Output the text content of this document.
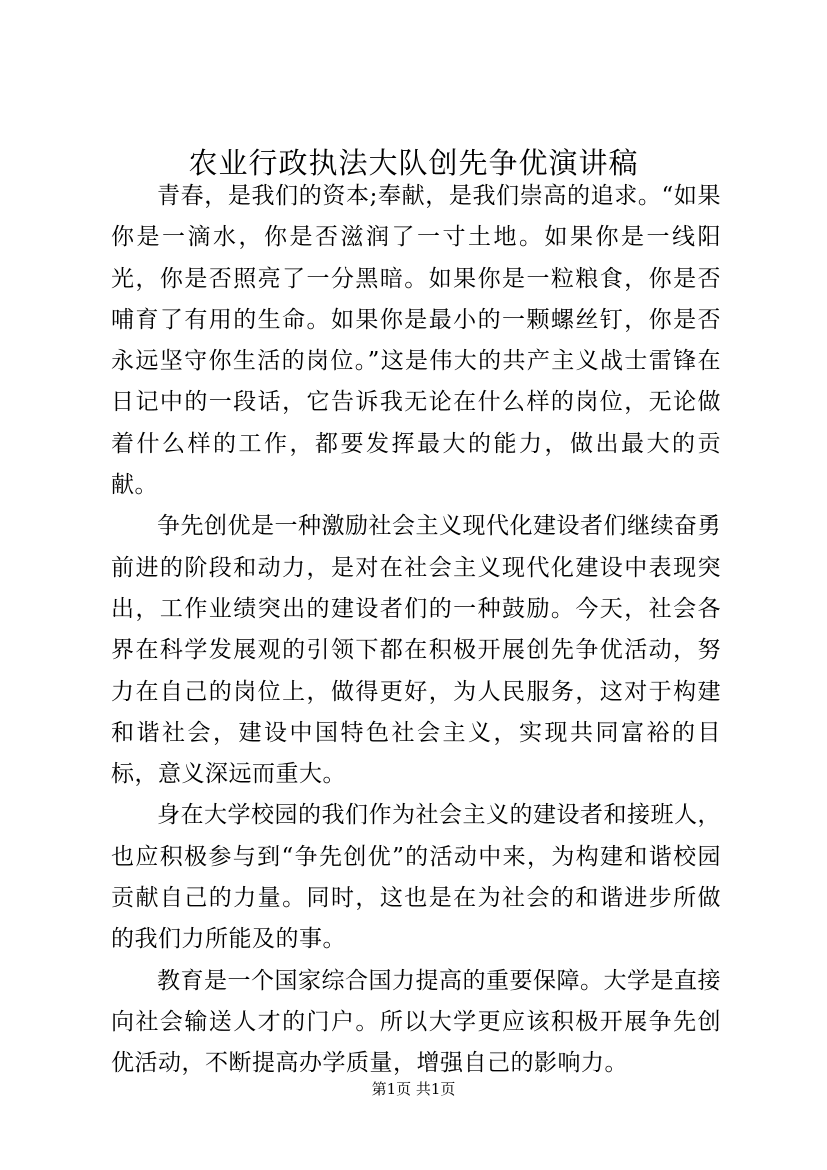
农业行政执法大队创先争优演讲稿

青春，是我们的资本;奉献，是我们崇高的追求。“如果你是一滴水，你是否滋润了一寸土地。如果你是一线阳光，你是否照亮了一分黑暗。如果你是一粒粮食，你是否哺育了有用的生命。如果你是最小的一颗螺丝钉，你是否永远坚守你生活的岗位。”这是伟大的共产主义战士雷锋在日记中的一段话，它告诉我无论在什么样的岗位，无论做着什么样的工作，都要发挥最大的能力，做出最大的贡献。

争先创优是一种激励社会主义现代化建设者们继续奋勇前进的阶段和动力，是对在社会主义现代化建设中表现突出，工作业绩突出的建设者们的一种鼓励。今天，社会各界在科学发展观的引领下都在积极开展创先争优活动，努力在自己的岗位上，做得更好，为人民服务，这对于构建和谐社会，建设中国特色社会主义，实现共同富裕的目标，意义深远而重大。

身在大学校园的我们作为社会主义的建设者和接班人，也应积极参与到“争先创优”的活动中来，为构建和谐校园贡献自己的力量。同时，这也是在为社会的和谐进步所做的我们力所能及的事。

教育是一个国家综合国力提高的重要保障。大学是直接向社会输送人才的门户。所以大学更应该积极开展争先创优活动，不断提高办学质量，增强自己的影响力。

第1页 共1页
